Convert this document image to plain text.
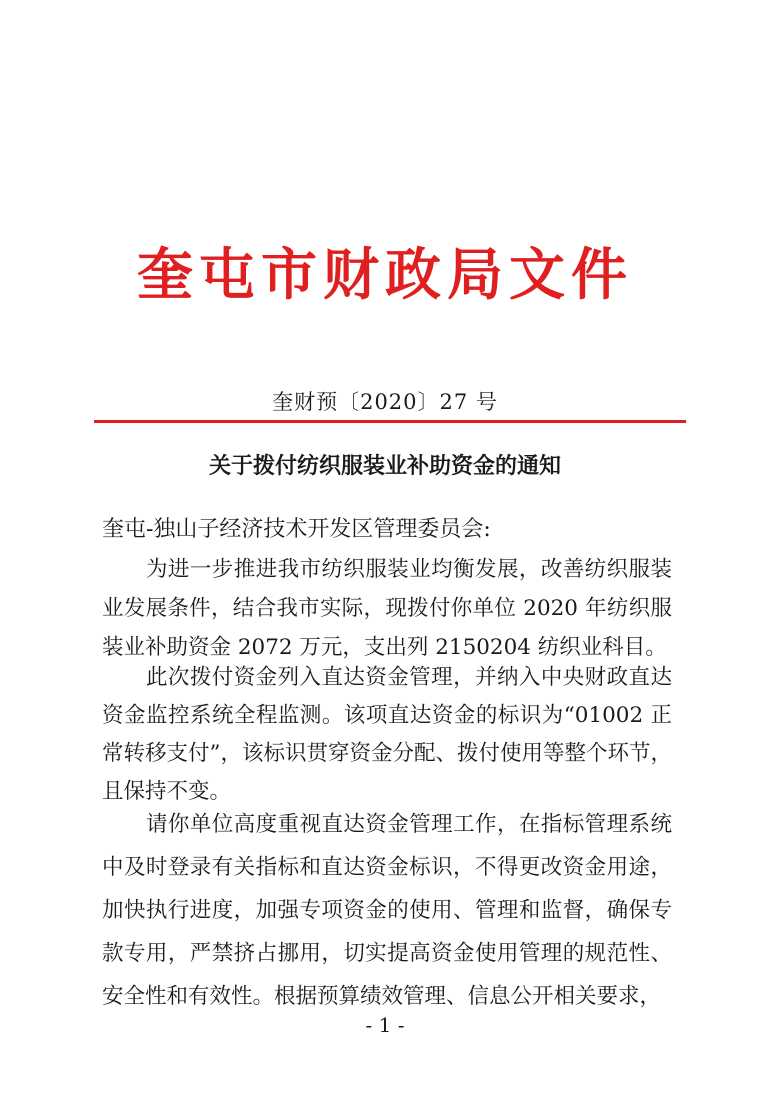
奎屯市财政局文件
奎财预〔2020〕27 号
关于拨付纺织服装业补助资金的通知
奎屯-独山子经济技术开发区管理委员会:

为进一步推进我市纺织服装业均衡发展，改善纺织服装业发展条件，结合我市实际，现拨付你单位 2020 年纺织服装业补助资金 2072 万元，支出列 2150204 纺织业科目。

此次拨付资金列入直达资金管理，并纳入中央财政直达资金监控系统全程监测。该项直达资金的标识为“01002 正常转移支付”，该标识贯穿资金分配、拨付使用等整个环节，且保持不变。

请你单位高度重视直达资金管理工作，在指标管理系统中及时登录有关指标和直达资金标识，不得更改资金用途，加快执行进度，加强专项资金的使用、管理和监督，确保专款专用，严禁挤占挪用，切实提高资金使用管理的规范性、安全性和有效性。根据预算绩效管理、信息公开相关要求，

- 1 -
